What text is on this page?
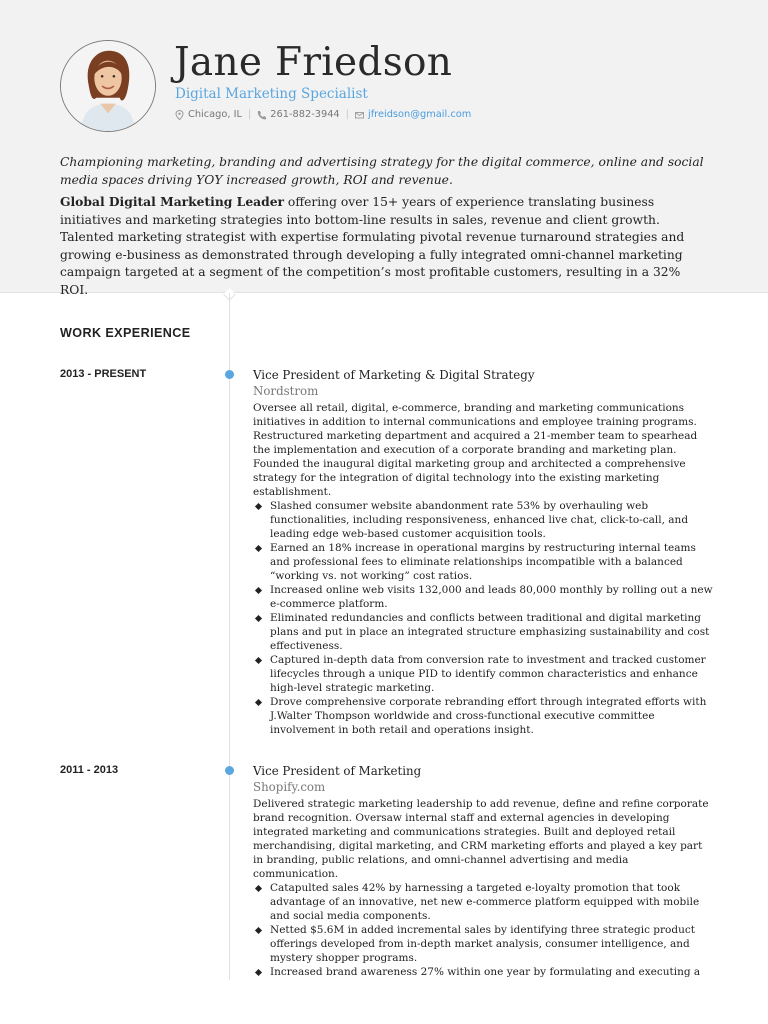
Jane Friedson
Digital Marketing Specialist
Chicago, IL | 261-882-3944 | jfreidson@gmail.com
Championing marketing, branding and advertising strategy for the digital commerce, online and social media spaces driving YOY increased growth, ROI and revenue.
Global Digital Marketing Leader offering over 15+ years of experience translating business initiatives and marketing strategies into bottom-line results in sales, revenue and client growth. Talented marketing strategist with expertise formulating pivotal revenue turnaround strategies and growing e-business as demonstrated through developing a fully integrated omni-channel marketing campaign targeted at a segment of the competition’s most profitable customers, resulting in a 32% ROI.
WORK EXPERIENCE
2013 - PRESENT	Vice President of Marketing & Digital Strategy
Nordstrom
Oversee all retail, digital, e-commerce, branding and marketing communications initiatives in addition to internal communications and employee training programs. Restructured marketing department and acquired a 21-member team to spearhead the implementation and execution of a corporate branding and marketing plan. Founded the inaugural digital marketing group and architected a comprehensive strategy for the integration of digital technology into the existing marketing establishment.
Slashed consumer website abandonment rate 53% by overhauling web functionalities, including responsiveness, enhanced live chat, click-to-call, and leading edge web-based customer acquisition tools.
Earned an 18% increase in operational margins by restructuring internal teams and professional fees to eliminate relationships incompatible with a balanced “working vs. not working” cost ratios.
Increased online web visits 132,000 and leads 80,000 monthly by rolling out a new e-commerce platform.
Eliminated redundancies and conflicts between traditional and digital marketing plans and put in place an integrated structure emphasizing sustainability and cost effectiveness.
Captured in-depth data from conversion rate to investment and tracked customer lifecycles through a unique PID to identify common characteristics and enhance high-level strategic marketing.
Drove comprehensive corporate rebranding effort through integrated efforts with J.Walter Thompson worldwide and cross-functional executive committee involvement in both retail and operations insight.
2011 - 2013	Vice President of Marketing
Shopify.com
Delivered strategic marketing leadership to add revenue, define and refine corporate brand recognition. Oversaw internal staff and external agencies in developing integrated marketing and communications strategies. Built and deployed retail merchandising, digital marketing, and CRM marketing efforts and played a key part in branding, public relations, and omni-channel advertising and media communication.
Catapulted sales 42% by harnessing a targeted e-loyalty promotion that took advantage of an innovative, net new e-commerce platform equipped with mobile and social media components.
Netted $5.6M in added incremental sales by identifying three strategic product offerings developed from in-depth market analysis, consumer intelligence, and mystery shopper programs.
Increased brand awareness 27% within one year by formulating and executing a
